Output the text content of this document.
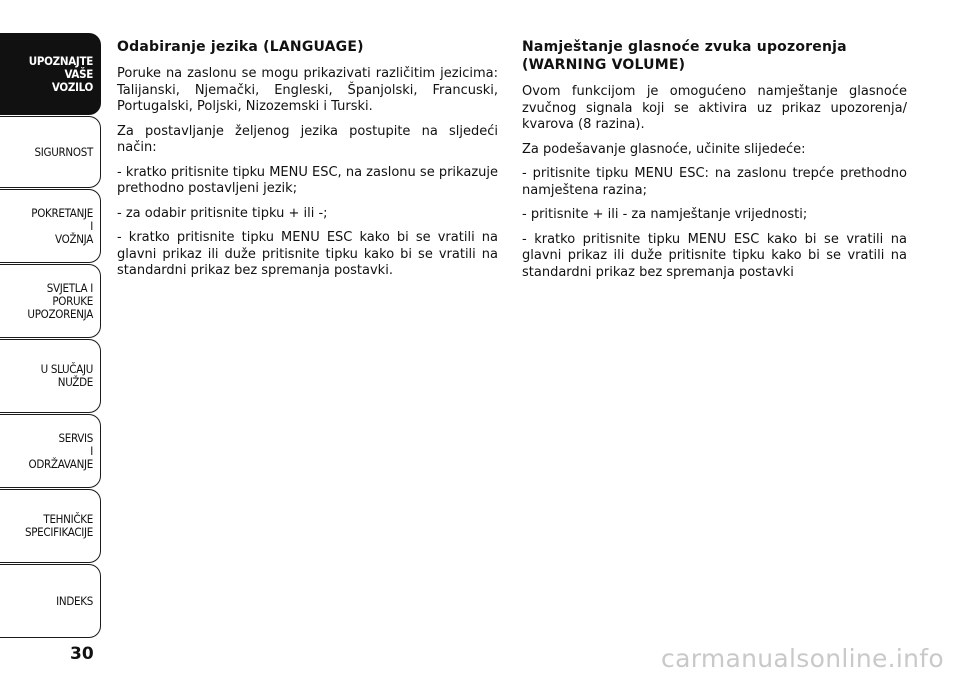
UPOZNAJTE
VAŠE
VOZILO
SIGURNOST
POKRETANJE
I
VOŽNJA
SVJETLA I
PORUKE
UPOZORENJA
U SLUČAJU
NUŽDE
SERVIS
I
ODRŽAVANJE
TEHNIČKE
SPECIFIKACIJE
INDEKS
30
Odabiranje jezika (LANGUAGE)

Poruke na zaslonu se mogu prikazivati različitim jezicima: Talijanski, Njemački, Engleski, Španjolski, Francuski, Portugalski, Poljski, Nizozemski i Turski.

Za postavljanje željenog jezika postupite na sljedeći način:

- kratko pritisnite tipku MENU ESC, na zaslonu se prikazuje prethodno postavljeni jezik;

- za odabir pritisnite tipku + ili -;

- kratko pritisnite tipku MENU ESC kako bi se vratili na glavni prikaz ili duže pritisnite tipku kako bi se vratili na standardni prikaz bez spremanja postavki.

Namještanje glasnoće zvuka upozorenja
(WARNING VOLUME)

Ovom funkcijom je omogućeno namještanje glasnoće zvučnog signala koji se aktivira uz prikaz upozorenja/ kvarova (8 razina).

Za podešavanje glasnoće, učinite slijedeće:

- pritisnite tipku MENU ESC: na zaslonu trepće prethodno namještena razina;

- pritisnite + ili - za namještanje vrijednosti;

- kratko pritisnite tipku MENU ESC kako bi se vratili na glavni prikaz ili duže pritisnite tipku kako bi se vratili na standardni prikaz bez spremanja postavki

carmanualsonline.info
